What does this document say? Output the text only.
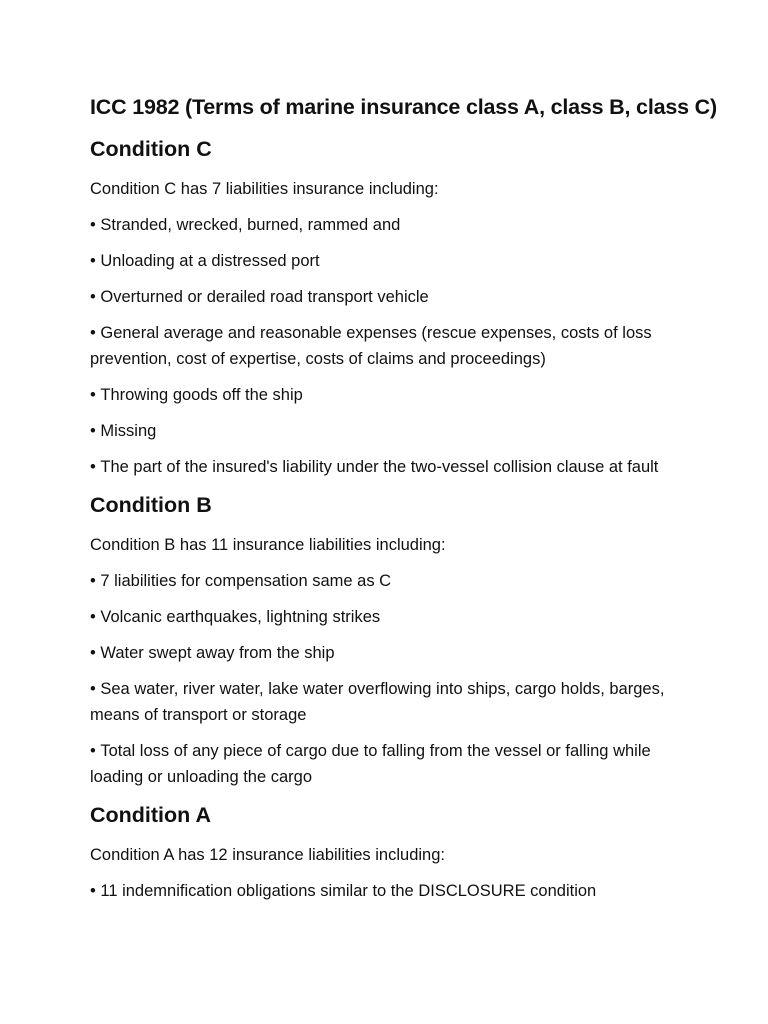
ICC 1982 (Terms of marine insurance class A, class B, class C)
Condition C

Condition C has 7 liabilities insurance including:

• Stranded, wrecked, burned, rammed and

• Unloading at a distressed port

• Overturned or derailed road transport vehicle

• General average and reasonable expenses (rescue expenses, costs of loss prevention, cost of expertise, costs of claims and proceedings)

• Throwing goods off the ship

• Missing

• The part of the insured's liability under the two-vessel collision clause at fault

Condition B

Condition B has 11 insurance liabilities including:

• 7 liabilities for compensation same as C

• Volcanic earthquakes, lightning strikes

• Water swept away from the ship

• Sea water, river water, lake water overflowing into ships, cargo holds, barges, means of transport or storage

• Total loss of any piece of cargo due to falling from the vessel or falling while loading or unloading the cargo

Condition A

Condition A has 12 insurance liabilities including:

• 11 indemnification obligations similar to the DISCLOSURE condition
